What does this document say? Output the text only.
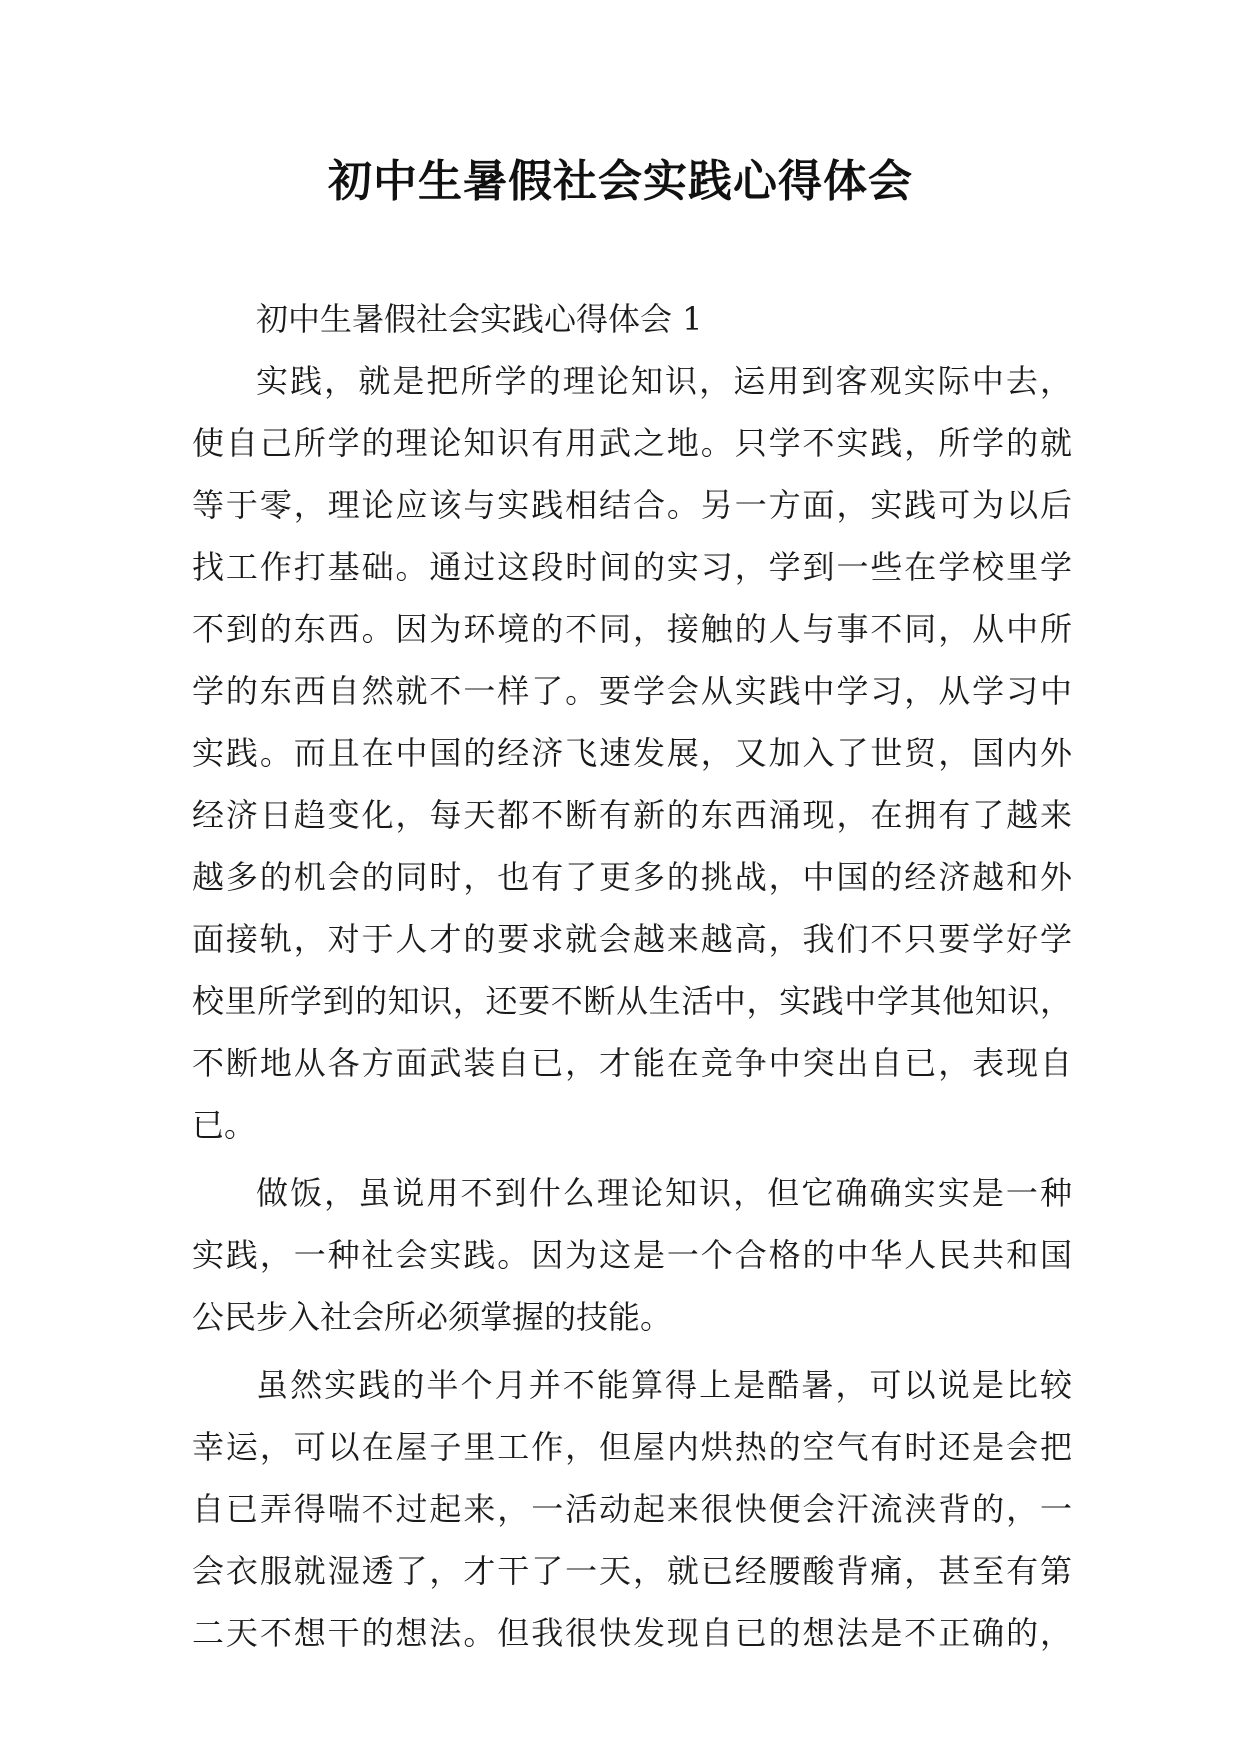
初中生暑假社会实践心得体会
初中生暑假社会实践心得体会 1
实践，就是把所学的理论知识，运用到客观实际中去，
使自己所学的理论知识有用武之地。只学不实践，所学的就
等于零，理论应该与实践相结合。另一方面，实践可为以后
找工作打基础。通过这段时间的实习，学到一些在学校里学
不到的东西。因为环境的不同，接触的人与事不同，从中所
学的东西自然就不一样了。要学会从实践中学习，从学习中
实践。而且在中国的经济飞速发展，又加入了世贸，国内外
经济日趋变化，每天都不断有新的东西涌现，在拥有了越来
越多的机会的同时，也有了更多的挑战，中国的经济越和外
面接轨，对于人才的要求就会越来越高，我们不只要学好学
校里所学到的知识，还要不断从生活中，实践中学其他知识，
不断地从各方面武装自已，才能在竞争中突出自已，表现自
已。
做饭，虽说用不到什么理论知识，但它确确实实是一种
实践，一种社会实践。因为这是一个合格的中华人民共和国
公民步入社会所必须掌握的技能。
虽然实践的半个月并不能算得上是酷暑，可以说是比较
幸运，可以在屋子里工作，但屋内烘热的空气有时还是会把
自已弄得喘不过起来，一活动起来很快便会汗流浃背的，一
会衣服就湿透了，才干了一天，就已经腰酸背痛，甚至有第
二天不想干的想法。但我很快发现自已的想法是不正确的，
